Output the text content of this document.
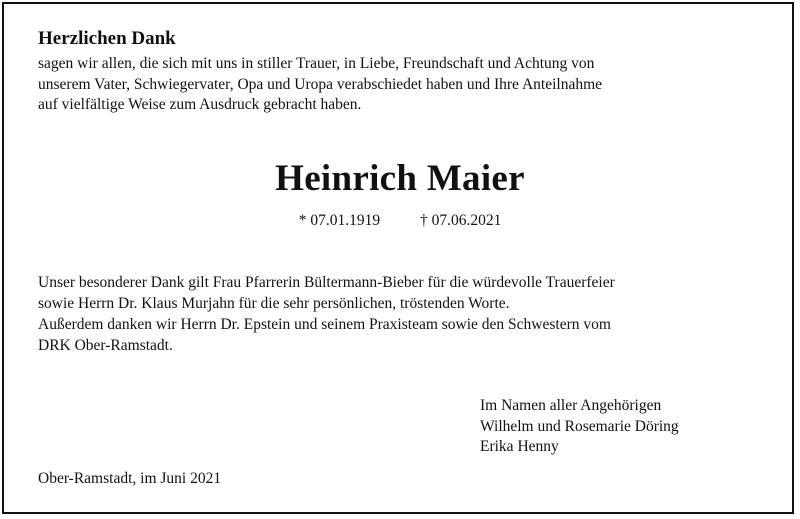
Herzlichen Dank
sagen wir allen, die sich mit uns in stiller Trauer, in Liebe, Freundschaft und Achtung von
unserem Vater, Schwiegervater, Opa und Uropa verabschiedet haben und Ihre Anteilnahme
auf vielfältige Weise zum Ausdruck gebracht haben.
Heinrich Maier
* 07.01.1919	† 07.06.2021
Unser besonderer Dank gilt Frau Pfarrerin Bültermann-Bieber für die würdevolle Trauerfeier
sowie Herrn Dr. Klaus Murjahn für die sehr persönlichen, tröstenden Worte.
Außerdem danken wir Herrn Dr. Epstein und seinem Praxisteam sowie den Schwestern vom
DRK Ober-Ramstadt.
Im Namen aller Angehörigen
Wilhelm und Rosemarie Döring
Erika Henny
Ober-Ramstadt, im Juni 2021
